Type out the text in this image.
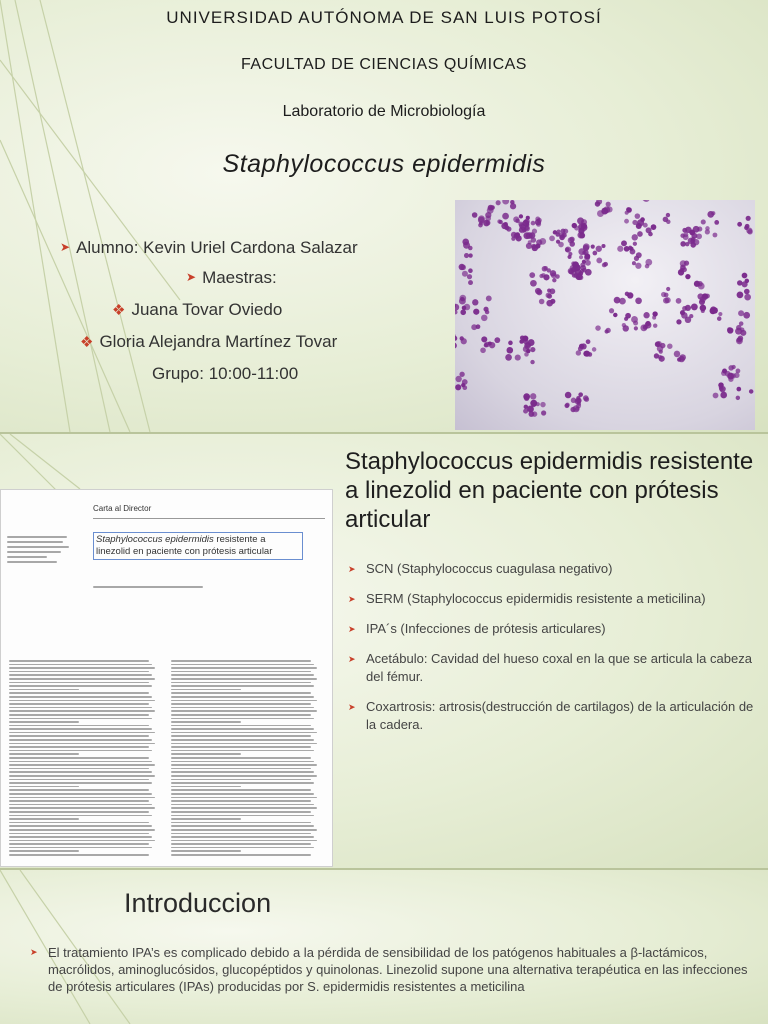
UNIVERSIDAD AUTÓNOMA DE SAN LUIS POTOSÍ
FACULTAD DE CIENCIAS QUÍMICAS
Laboratorio de Microbiología
Staphylococcus epidermidis
➤ Alumno: Kevin Uriel Cardona Salazar
➤ Maestras:
❖ Juana Tovar Oviedo
❖ Gloria Alejandra Martínez Tovar
Grupo: 10:00-11:00
Carta al Director
Staphylococcus epidermidis resistente a linezolid en paciente con prótesis articular
Staphylococcus epidermidis resistente a linezolid en paciente con prótesis articular
➤ SCN (Staphylococcus cuagulasa negativo)
➤ SERM (Staphylococcus epidermidis resistente a meticilina)
➤ IPA´s (Infecciones de prótesis articulares)
➤ Acetábulo: Cavidad del hueso coxal en la que se articula la cabeza del fémur.
➤ Coxartrosis: artrosis(destrucción de cartilagos) de la articulación de la cadera.
Introduccion
➤ El tratamiento IPA’s es complicado debido a la pérdida de sensibilidad de los patógenos habituales a β-lactámicos, macrólidos, aminoglucósidos, glucopéptidos y quinolonas. Linezolid supone una alternativa terapéutica en las infecciones de prótesis articulares (IPAs) producidas por S. epidermidis resistentes a meticilina
